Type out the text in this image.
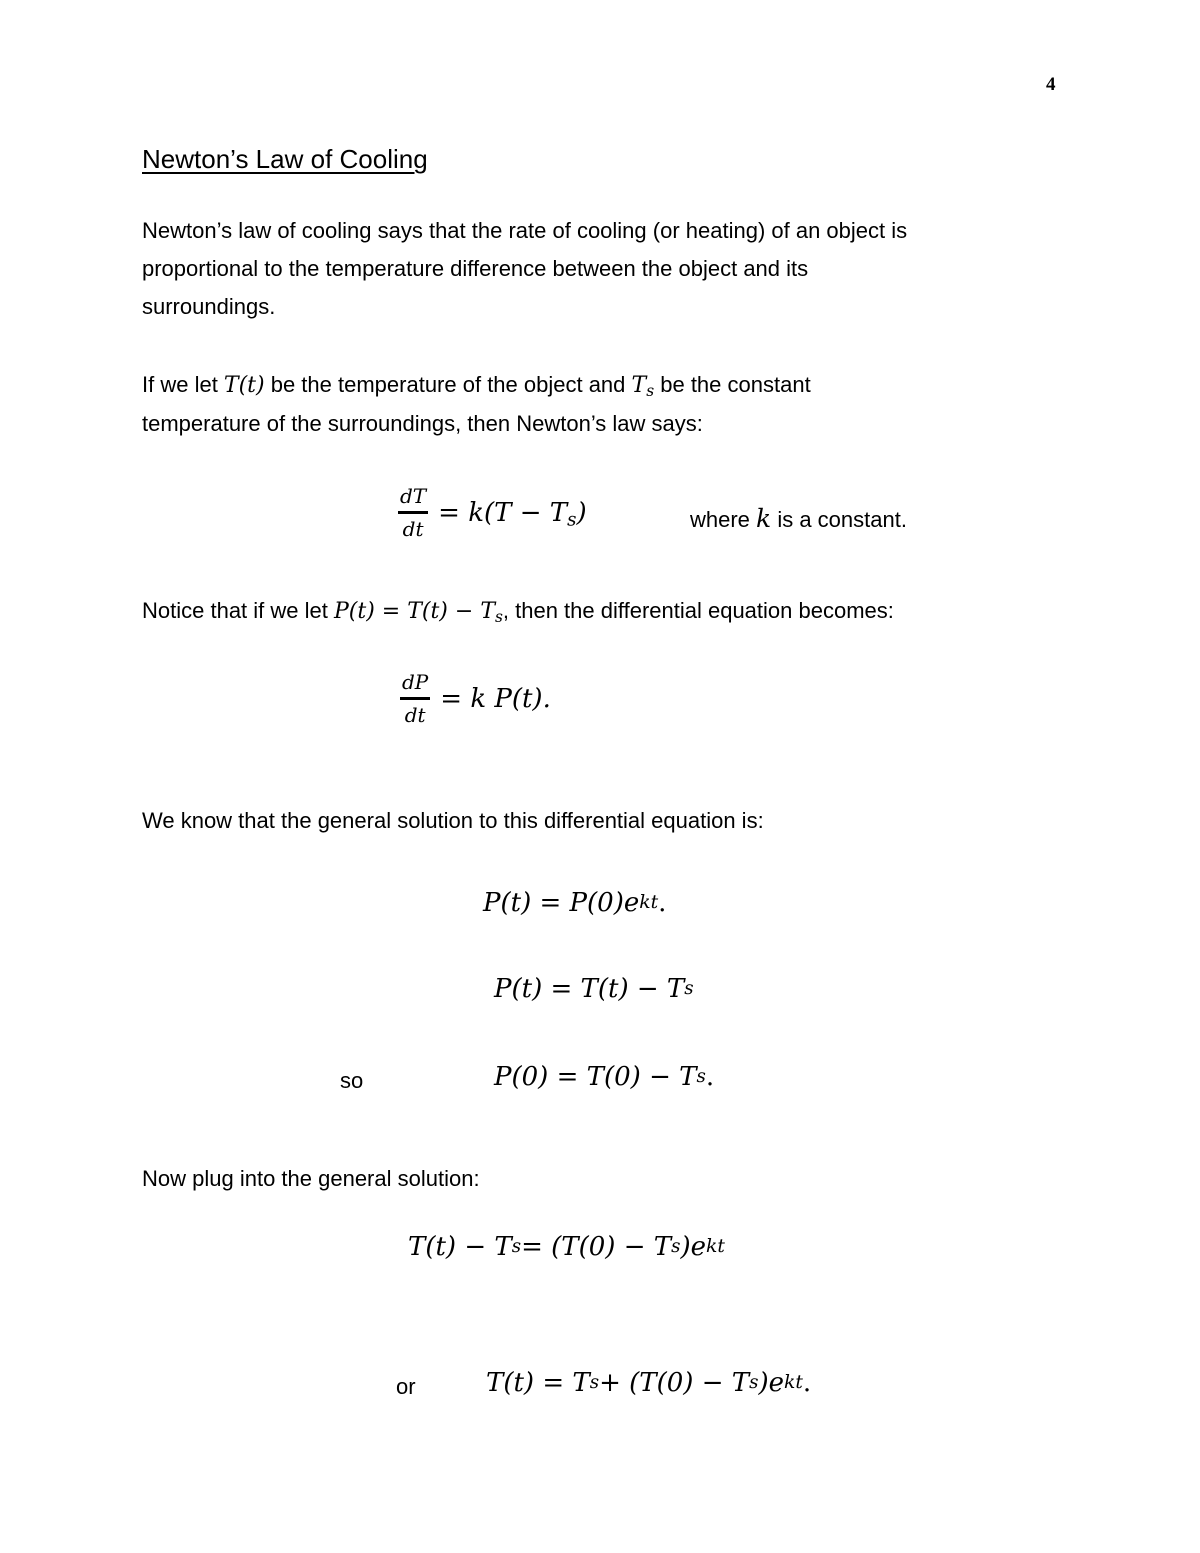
4
Newton’s Law of Cooling
Newton’s law of cooling says that the rate of cooling (or heating) of an object is
proportional to the temperature difference between the object and its
surroundings.
If we let T(t) be the temperature of the object and $T_s$ be the constant
temperature of the surroundings, then Newton’s law says:
$\frac{dT}{dt} = k(T - T_s)$	where k is a constant.
Notice that if we let $P(t) = T(t) - T_s$, then the differential equation becomes:
$\frac{dP}{dt} = k$ P(t).
We know that the general solution to this differential equation is:
P(t) = P(0)e kt .
P(t) = T(t) − T s
so	P(0) = T(0) − T s .
Now plug into the general solution:
T(t) − T s = (T(0) − T s )e kt
or	T(t) = T s + (T(0) − T s )e kt .
